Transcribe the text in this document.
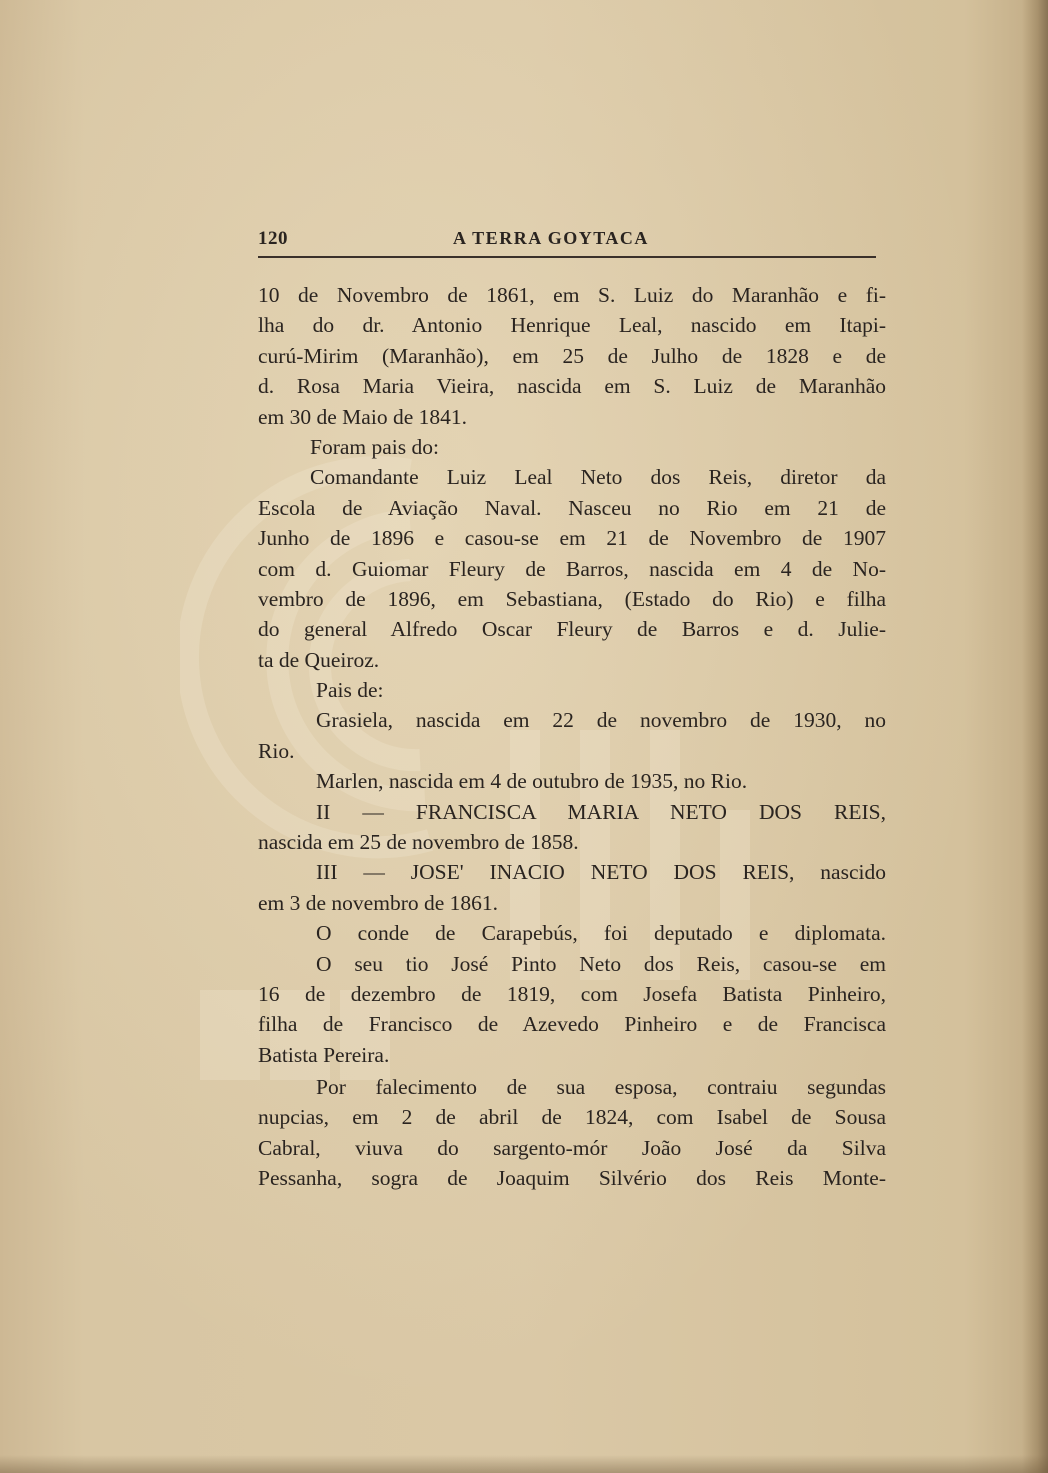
120	A TERRA GOYTACA
10 de Novembro de 1861, em S. Luiz do Maranhão e fi-
lha do dr. Antonio Henrique Leal, nascido em Itapi-
curú-Mirim (Maranhão), em 25 de Julho de 1828 e de
d. Rosa Maria Vieira, nascida em S. Luiz de Maranhão
em 30 de Maio de 1841.
Foram pais do:
Comandante Luiz Leal Neto dos Reis, diretor da
Escola de Aviação Naval. Nasceu no Rio em 21 de
Junho de 1896 e casou-se em 21 de Novembro de 1907
com d. Guiomar Fleury de Barros, nascida em 4 de No-
vembro de 1896, em Sebastiana, (Estado do Rio) e filha
do general Alfredo Oscar Fleury de Barros e d. Julie-
ta de Queiroz.
Pais de:
Grasiela, nascida em 22 de novembro de 1930, no
Rio.
Marlen, nascida em 4 de outubro de 1935, no Rio.
II — FRANCISCA MARIA NETO DOS REIS,
nascida em 25 de novembro de 1858.
III — JOSE' INACIO NETO DOS REIS, nascido
em 3 de novembro de 1861.
O conde de Carapebús, foi deputado e diplomata.
O seu tio José Pinto Neto dos Reis, casou-se em
16 de dezembro de 1819, com Josefa Batista Pinheiro,
filha de Francisco de Azevedo Pinheiro e de Francisca
Batista Pereira.
Por falecimento de sua esposa, contraiu segundas
nupcias, em 2 de abril de 1824, com Isabel de Sousa
Cabral, viuva do sargento-mór João José da Silva
Pessanha, sogra de Joaquim Silvério dos Reis Monte-
